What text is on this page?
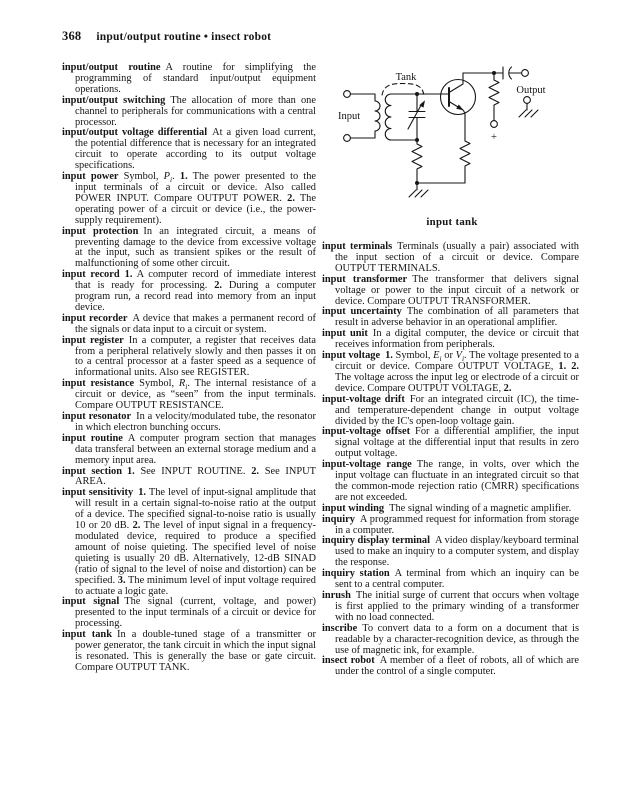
368 input/output routine • insect robot
Tank
Input
Output
+
input tank

input/output routine A routine for simplifying the programming of standard input/output equipment operations.

input/output switching The allocation of more than one channel to peripherals for communications with a central processor.

input/output voltage differential At a given load current, the potential difference that is necessary for an integrated circuit to operate according to its output voltage specifications.

input power Symbol, $P_i$. 1. The power presented to the input terminals of a circuit or device. Also called POWER INPUT. Compare OUTPUT POWER. 2. The operating power of a circuit or device (i.e., the power-supply requirement).

input protection In an integrated circuit, a means of preventing damage to the device from excessive voltage at the input, such as transient spikes or the result of malfunctioning of some other circuit.

input record 1. A computer record of immediate interest that is ready for processing. 2. During a computer program run, a record read into memory from an input device.

input recorder A device that makes a permanent record of the signals or data input to a circuit or system.

input register In a computer, a register that receives data from a peripheral relatively slowly and then passes it on to a central processor at a faster speed as a sequence of informational units. Also see REGISTER.

input resistance Symbol, $R_i$. The internal resistance of a circuit or device, as “seen” from the input terminals. Compare OUTPUT RESISTANCE.

input resonator In a velocity/modulated tube, the resonator in which electron bunching occurs.

input routine A computer program section that manages data transferal between an external storage medium and a memory input area.

input section 1. See INPUT ROUTINE. 2. See INPUT AREA.

input sensitivity 1. The level of input-signal amplitude that will result in a certain signal-to-noise ratio at the output of a device. The specified signal-to-noise ratio is usually 10 or 20 dB. 2. The level of input signal in a frequency-modulated device, required to produce a specified amount of noise quieting. The specified level of noise quieting is usually 20 dB. Alternatively, 12-dB SINAD (ratio of signal to the level of noise and distortion) can be specified. 3. The minimum level of input voltage required to actuate a logic gate.

input signal The signal (current, voltage, and power) presented to the input terminals of a circuit or device for processing.

input tank In a double-tuned stage of a transmitter or power generator, the tank circuit in which the input signal is resonated. This is generally the base or gate circuit. Compare OUTPUT TANK.

input terminals Terminals (usually a pair) associated with the input section of a circuit or device. Compare OUTPUT TERMINALS.

input transformer The transformer that delivers signal voltage or power to the input circuit of a network or device. Compare OUTPUT TRANSFORMER.

input uncertainty The combination of all parameters that result in adverse behavior in an operational amplifier.

input unit In a digital computer, the device or circuit that receives information from peripherals.

input voltage 1. Symbol, $E_i$ or $V_i$. The voltage presented to a circuit or device. Compare OUTPUT VOLTAGE, 1. 2. The voltage across the input leg or electrode of a circuit or device. Compare OUTPUT VOLTAGE, 2.

input-voltage drift For an integrated circuit (IC), the time- and temperature-dependent change in output voltage divided by the IC's open-loop voltage gain.

input-voltage offset For a differential amplifier, the input signal voltage at the differential input that results in zero output voltage.

input-voltage range The range, in volts, over which the input voltage can fluctuate in an integrated circuit so that the common-mode rejection ratio (CMRR) specifications are not exceeded.

input winding The signal winding of a magnetic amplifier.

inquiry A programmed request for information from storage in a computer.

inquiry display terminal A video display/keyboard terminal used to make an inquiry to a computer system, and display the response.

inquiry station A terminal from which an inquiry can be sent to a central computer.

inrush The initial surge of current that occurs when voltage is first applied to the primary winding of a transformer with no load connected.

inscribe To convert data to a form on a document that is readable by a character-recognition device, as through the use of magnetic ink, for example.

insect robot A member of a fleet of robots, all of which are under the control of a single computer.
